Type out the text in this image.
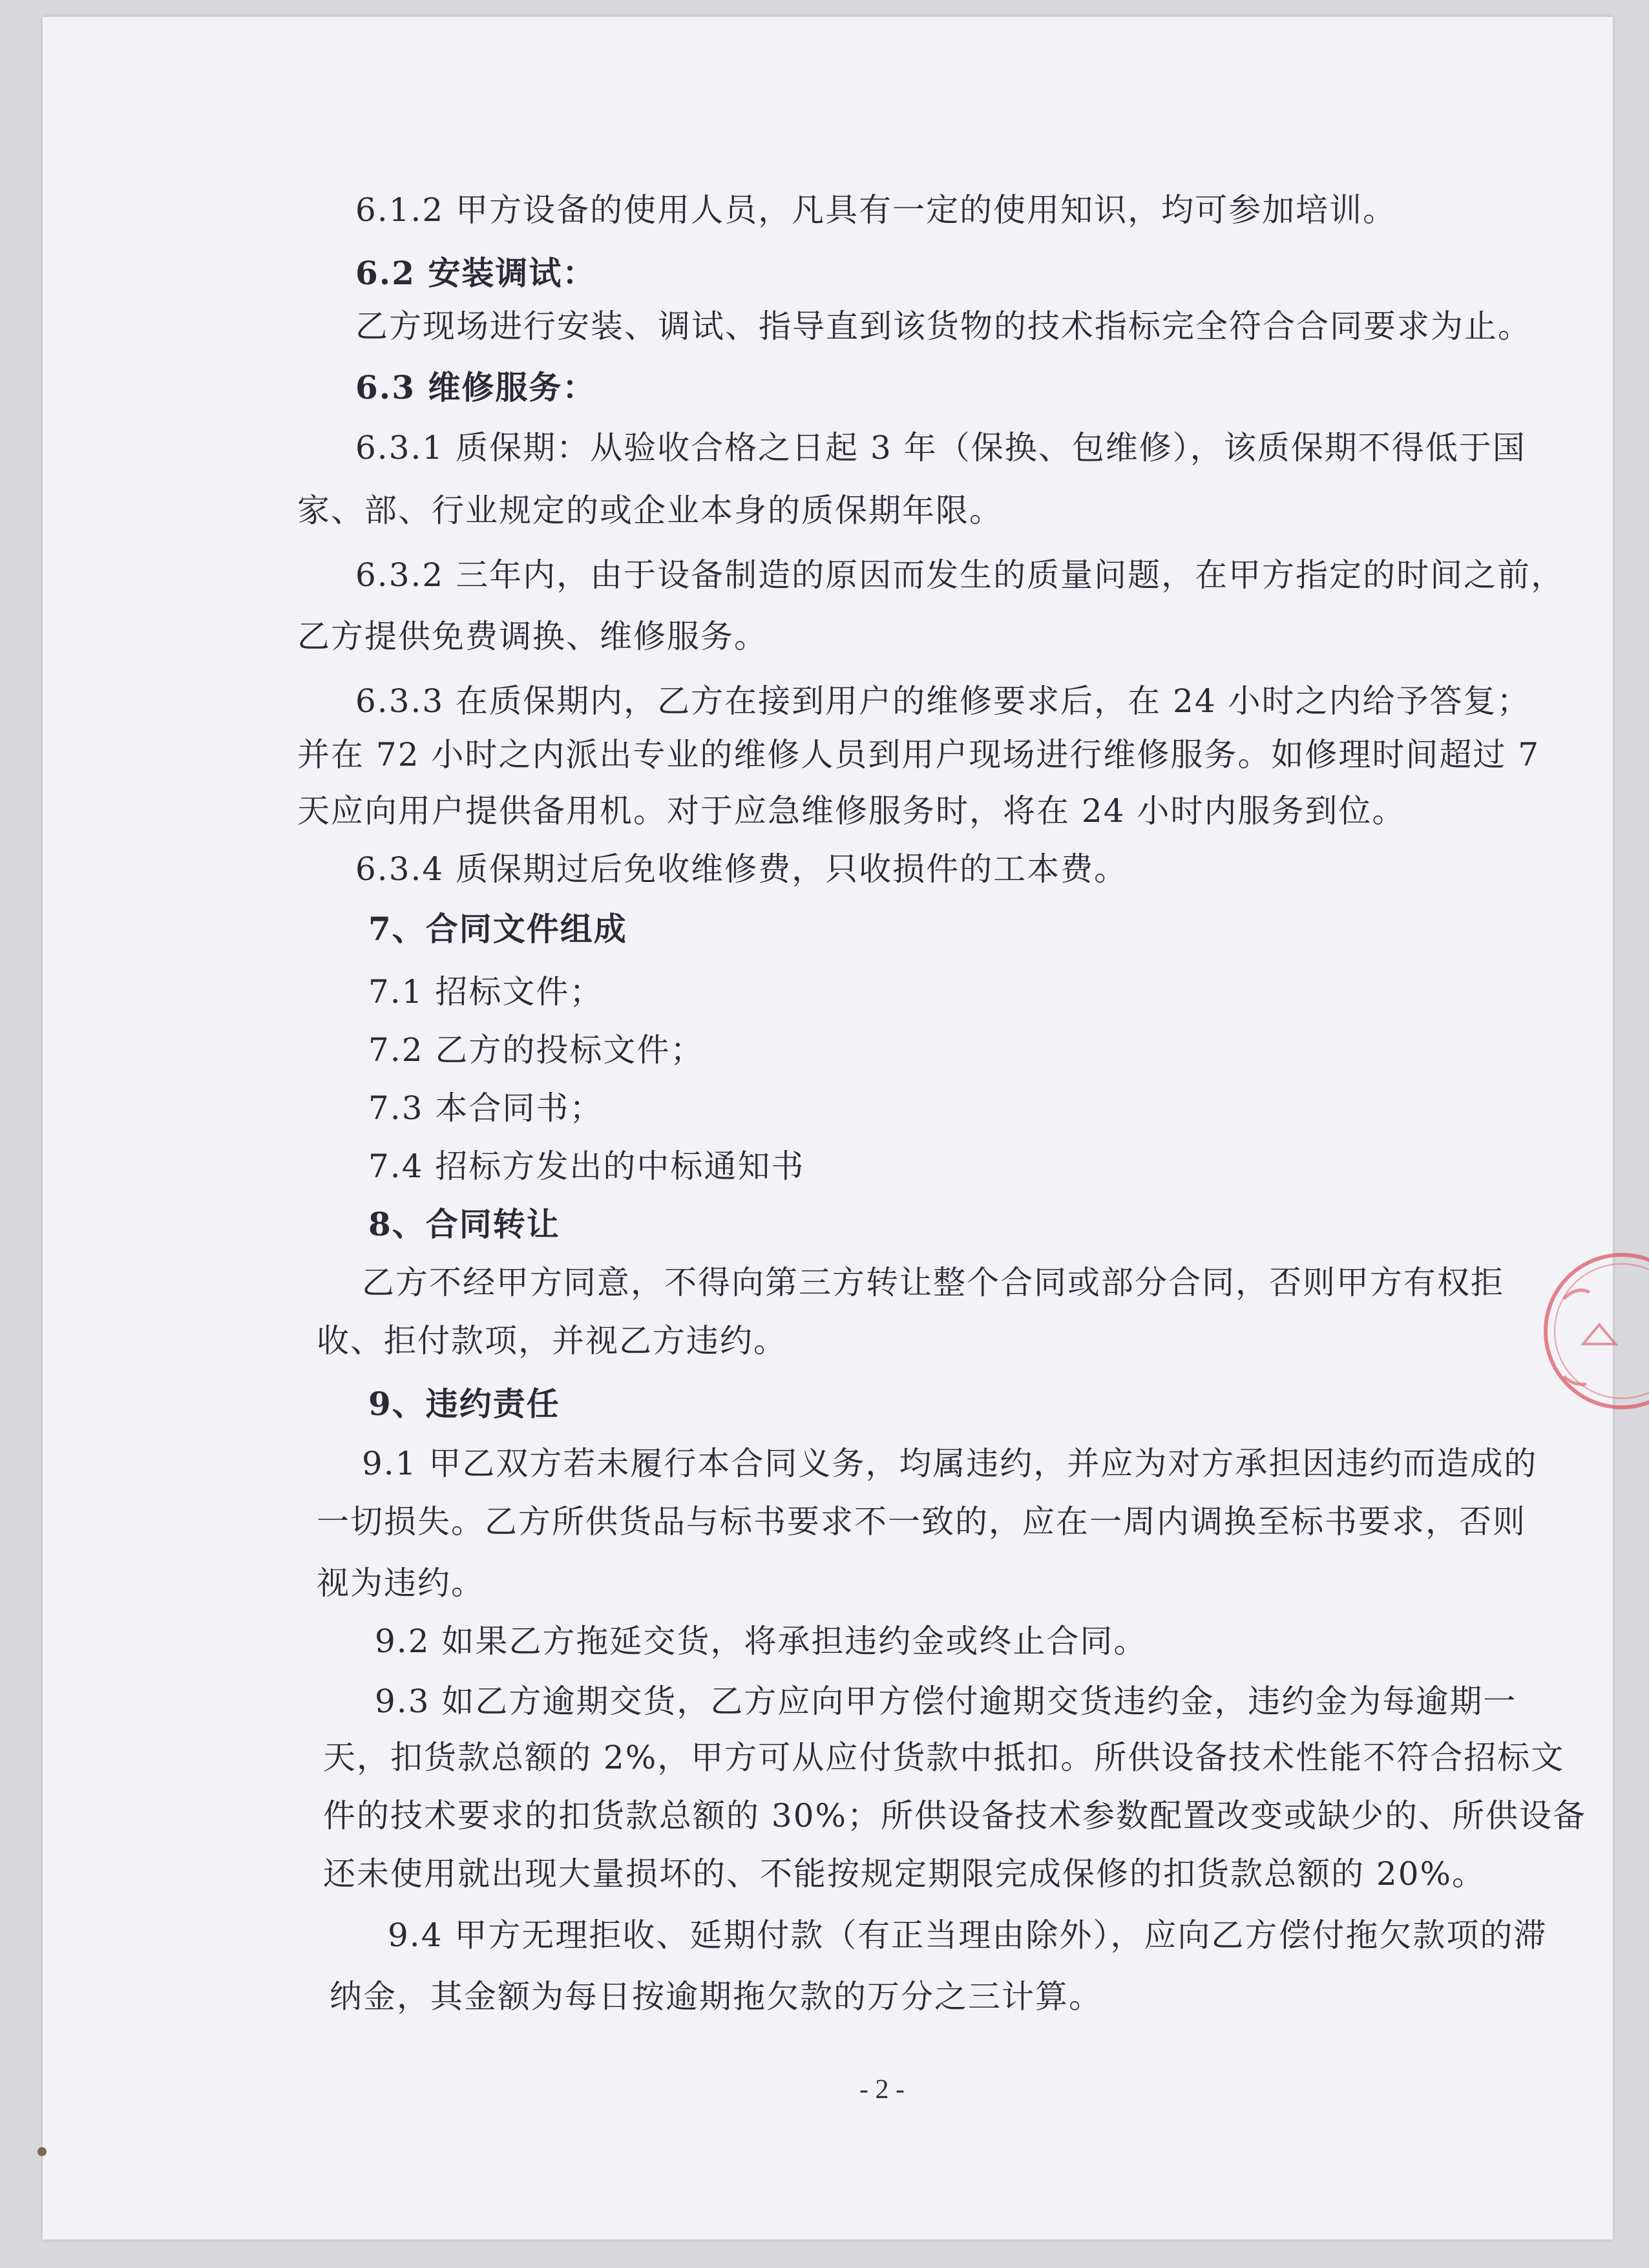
6.1.2 甲方设备的使用人员，凡具有一定的使用知识，均可参加培训。
6.2 安装调试：
乙方现场进行安装、调试、指导直到该货物的技术指标完全符合合同要求为止。
6.3 维修服务：
6.3.1 质保期：从验收合格之日起 3 年（保换、包维修），该质保期不得低于国
家、部、行业规定的或企业本身的质保期年限。
6.3.2 三年内，由于设备制造的原因而发生的质量问题，在甲方指定的时间之前，
乙方提供免费调换、维修服务。
6.3.3 在质保期内，乙方在接到用户的维修要求后，在 24 小时之内给予答复；
并在 72 小时之内派出专业的维修人员到用户现场进行维修服务。如修理时间超过 7
天应向用户提供备用机。对于应急维修服务时，将在 24 小时内服务到位。
6.3.4 质保期过后免收维修费，只收损件的工本费。
7、合同文件组成
7.1 招标文件；
7.2 乙方的投标文件；
7.3 本合同书；
7.4 招标方发出的中标通知书
8、合同转让
乙方不经甲方同意，不得向第三方转让整个合同或部分合同，否则甲方有权拒
收、拒付款项，并视乙方违约。
9、违约责任
9.1 甲乙双方若未履行本合同义务，均属违约，并应为对方承担因违约而造成的
一切损失。乙方所供货品与标书要求不一致的，应在一周内调换至标书要求，否则
视为违约。
9.2 如果乙方拖延交货，将承担违约金或终止合同。
9.3 如乙方逾期交货，乙方应向甲方偿付逾期交货违约金，违约金为每逾期一
天，扣货款总额的 2%，甲方可从应付货款中抵扣。所供设备技术性能不符合招标文
件的技术要求的扣货款总额的 30%；所供设备技术参数配置改变或缺少的、所供设备
还未使用就出现大量损坏的、不能按规定期限完成保修的扣货款总额的 20%。
9.4 甲方无理拒收、延期付款（有正当理由除外），应向乙方偿付拖欠款项的滞
纳金，其金额为每日按逾期拖欠款的万分之三计算。
- 2 -
